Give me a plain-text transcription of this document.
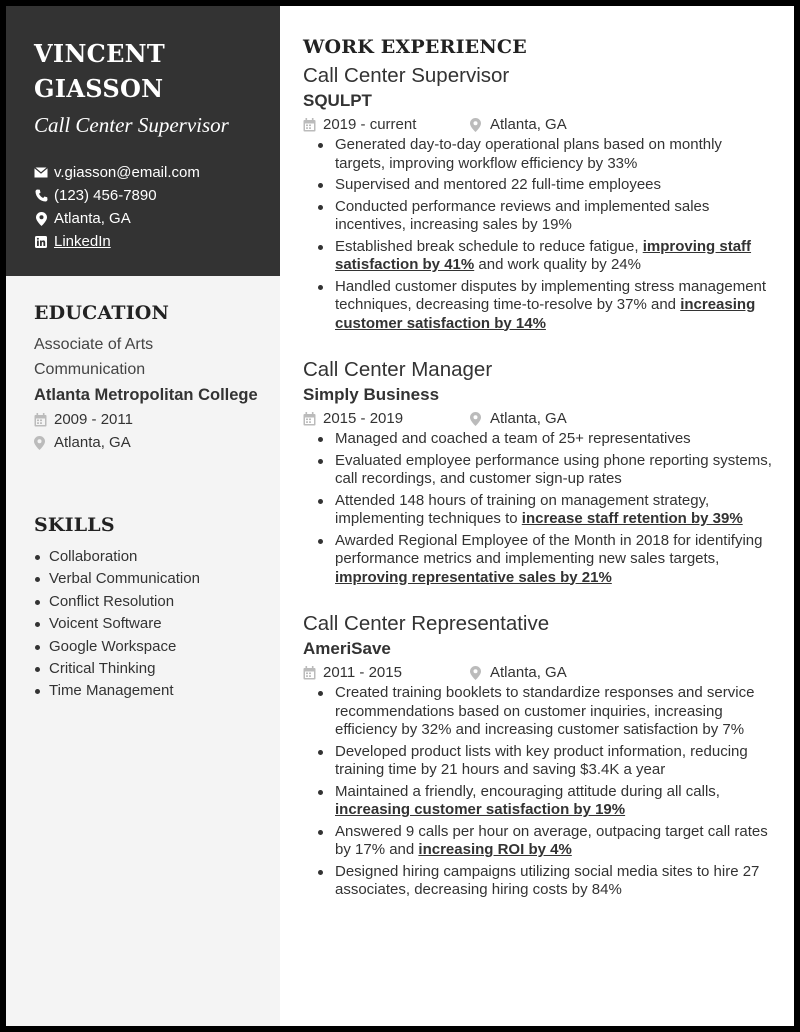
VINCENT
GIASSON
Call Center Supervisor
v.giasson@email.com
(123) 456-7890
Atlanta, GA
LinkedIn
EDUCATION
Associate of Arts
Communication
Atlanta Metropolitan College
2009 - 2011
Atlanta, GA
SKILLS
Collaboration
Verbal Communication
Conflict Resolution
Voicent Software
Google Workspace
Critical Thinking
Time Management
WORK EXPERIENCE
Call Center Supervisor
SQULPT
2019 - current	Atlanta, GA
Generated day-to-day operational plans based on monthly targets, improving workflow efficiency by 33%
Supervised and mentored 22 full-time employees
Conducted performance reviews and implemented sales incentives, increasing sales by 19%
Established break schedule to reduce fatigue, improving staff satisfaction by 41% and work quality by 24%
Handled customer disputes by implementing stress management techniques, decreasing time-to-resolve by 37% and increasing customer satisfaction by 14%
Call Center Manager
Simply Business
2015 - 2019	Atlanta, GA
Managed and coached a team of 25+ representatives
Evaluated employee performance using phone reporting systems, call recordings, and customer sign-up rates
Attended 148 hours of training on management strategy, implementing techniques to increase staff retention by 39%
Awarded Regional Employee of the Month in 2018 for identifying performance metrics and implementing new sales targets, improving representative sales by 21%
Call Center Representative
AmeriSave
2011 - 2015	Atlanta, GA
Created training booklets to standardize responses and service recommendations based on customer inquiries, increasing efficiency by 32% and increasing customer satisfaction by 7%
Developed product lists with key product information, reducing training time by 21 hours and saving $3.4K a year
Maintained a friendly, encouraging attitude during all calls, increasing customer satisfaction by 19%
Answered 9 calls per hour on average, outpacing target call rates by 17% and increasing ROI by 4%
Designed hiring campaigns utilizing social media sites to hire 27 associates, decreasing hiring costs by 84%
